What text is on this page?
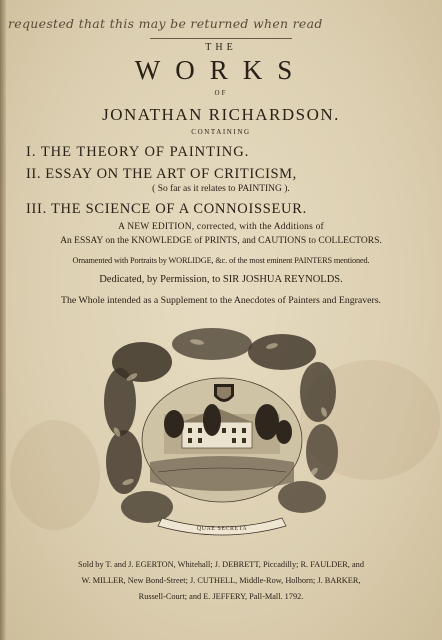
requested that this may be returned when read
THE
WORKS
OF
JONATHAN RICHARDSON.
CONTAINING
I. THE THEORY OF PAINTING.
II. ESSAY ON THE ART OF CRITICISM,
( So far as it relates to PAINTING ).
III. THE SCIENCE OF A CONNOISSEUR.
A NEW EDITION, corrected, with the Additions of
An ESSAY on the KNOWLEDGE of PRINTS, and CAUTIONS to COLLECTORS.
Ornamented with Portraits by WORLIDGE, &c. of the most eminent PAINTERS mentioned.
Dedicated, by Permission, to SIR JOSHUA REYNOLDS.
The Whole intended as a Supplement to the Anecdotes of Painters and Engravers.
QUAE SECRETA
Sold by T. and J. EGERTON, Whitehall; J. DEBRETT, Piccadilly; R. FAULDER, and
W. MILLER, New Bond-Street; J. CUTHELL, Middle-Row, Holborn; J. BARKER,
Russell-Court; and E. JEFFERY, Pall-Mall. 1792.
